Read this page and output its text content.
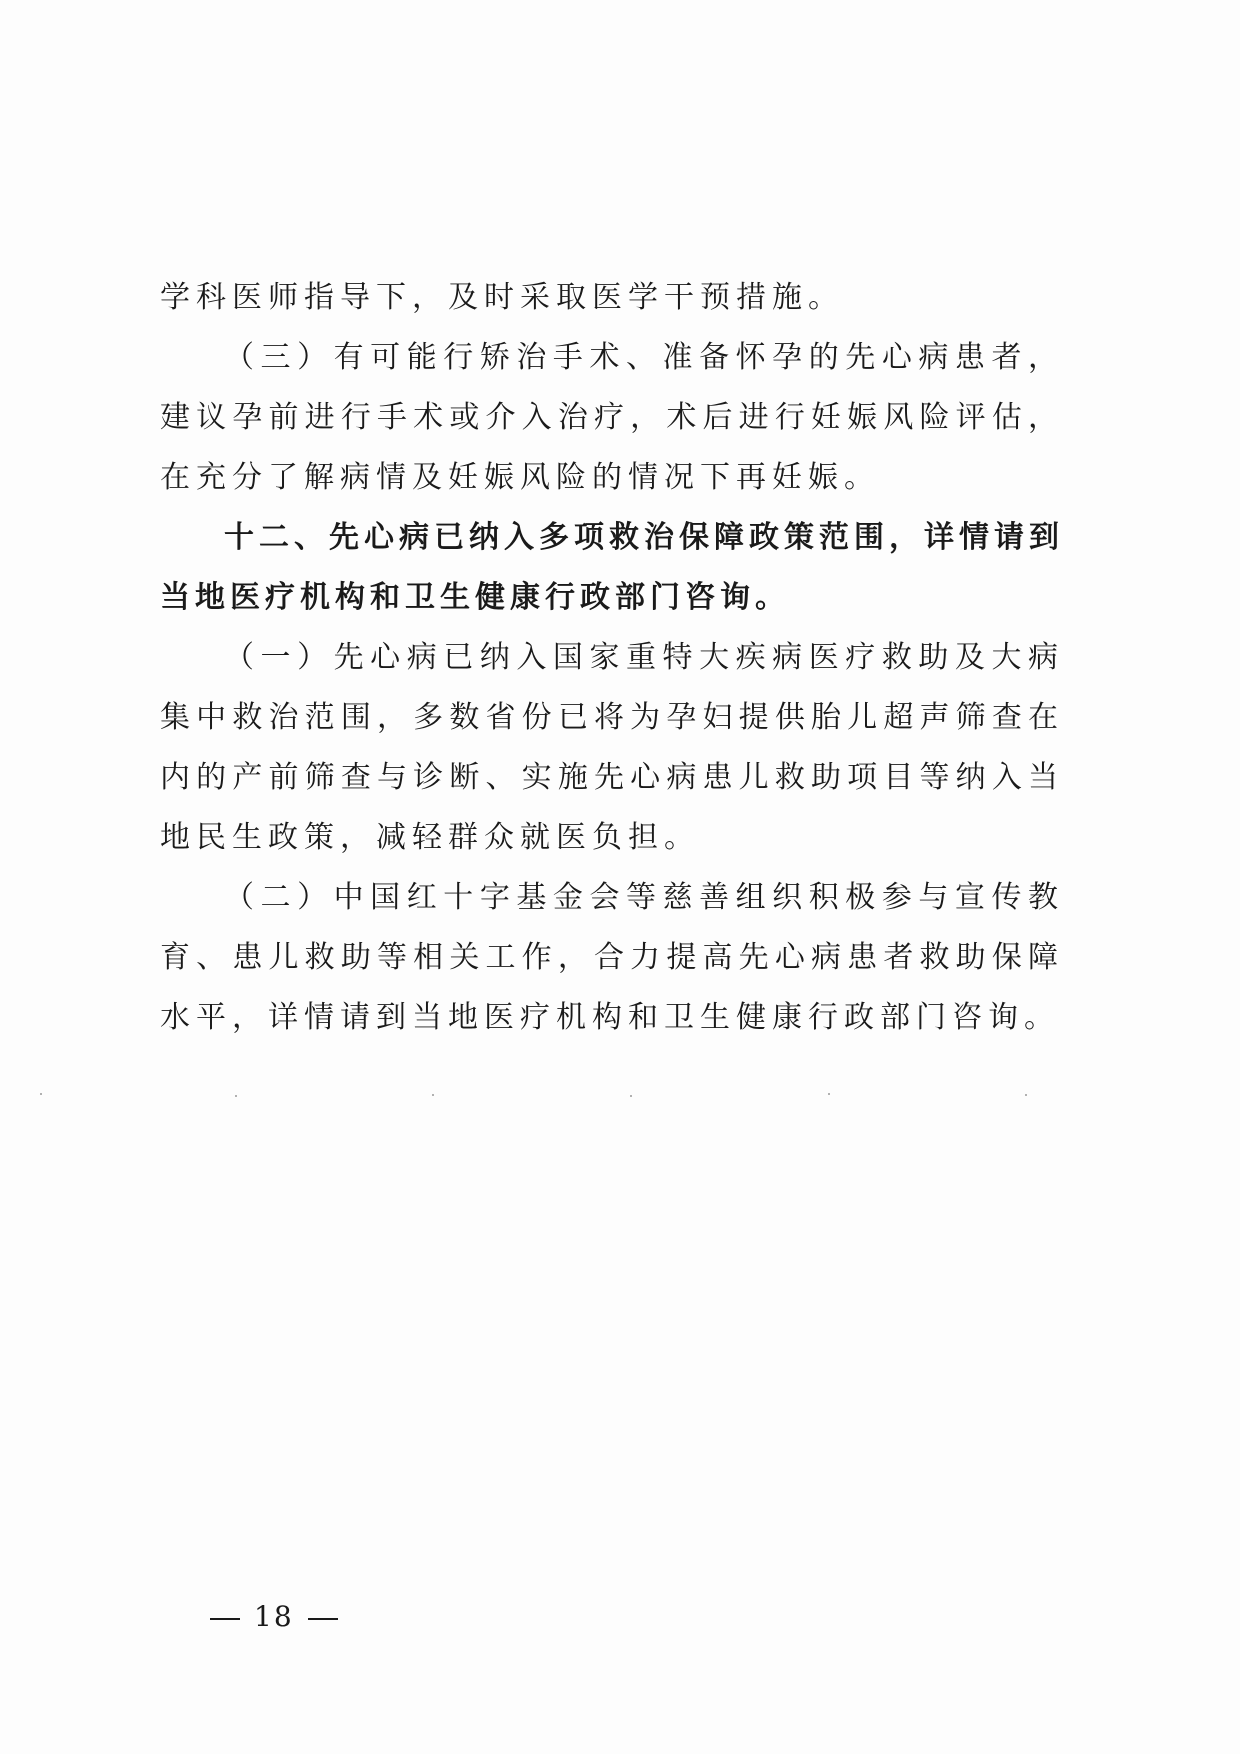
学科医师指导下，及时采取医学干预措施。

（三）有可能行矫治手术、准备怀孕的先心病患者，建议孕前进行手术或介入治疗，术后进行妊娠风险评估，在充分了解病情及妊娠风险的情况下再妊娠。

十二、先心病已纳入多项救治保障政策范围，详情请到当地医疗机构和卫生健康行政部门咨询。

（一）先心病已纳入国家重特大疾病医疗救助及大病集中救治范围，多数省份已将为孕妇提供胎儿超声筛查在内的产前筛查与诊断、实施先心病患儿救助项目等纳入当地民生政策，减轻群众就医负担。

（二）中国红十字基金会等慈善组织积极参与宣传教育、患儿救助等相关工作，合力提高先心病患者救助保障水平，详情请到当地医疗机构和卫生健康行政部门咨询。

18
